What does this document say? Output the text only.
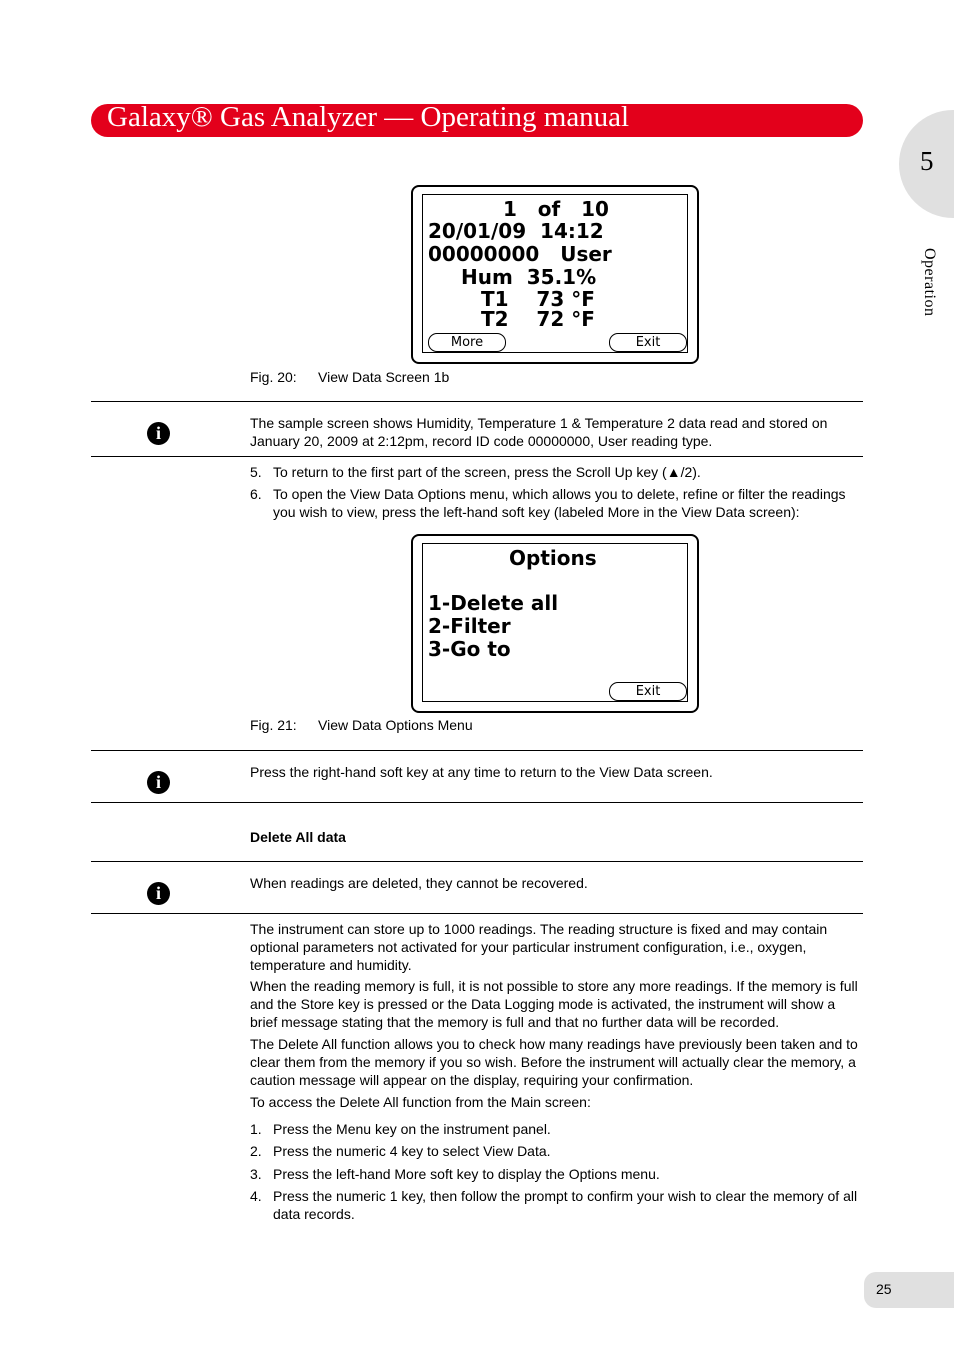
Galaxy® Gas Analyzer — Operating manual
5
Operation
1   of   10
20/01/09  14:12
00000000   User
Hum  35.1%
T1    73 °F
T2    72 °F
More	Exit
Fig. 20: View Data Screen 1b
i	The sample screen shows Humidity, Temperature 1 & Temperature 2 data read and stored on January 20, 2009 at 2:12pm, record ID code 00000000, User reading type.
5. To return to the first part of the screen, press the Scroll Up key (▲/2).
6. To open the View Data Options menu, which allows you to delete, refine or filter the readings you wish to view, press the left-hand soft key (labeled More in the View Data screen):
Options
1-Delete all
2-Filter
3-Go to
Exit
Fig. 21: View Data Options Menu
i	Press the right-hand soft key at any time to return to the View Data screen.
Delete All data
i	When readings are deleted, they cannot be recovered.
The instrument can store up to 1000 readings. The reading structure is fixed and may contain optional parameters not activated for your particular instrument configuration, i.e., oxygen, temperature and humidity.
When the reading memory is full, it is not possible to store any more readings. If the memory is full and the Store key is pressed or the Data Logging mode is activated, the instrument will show a brief message stating that the memory is full and that no further data will be recorded.
The Delete All function allows you to check how many readings have previously been taken and to clear them from the memory if you so wish. Before the instrument will actually clear the memory, a caution message will appear on the display, requiring your confirmation.
To access the Delete All function from the Main screen:
1. Press the Menu key on the instrument panel.
2. Press the numeric 4 key to select View Data.
3. Press the left-hand More soft key to display the Options menu.
4. Press the numeric 1 key, then follow the prompt to confirm your wish to clear the memory of all data records.
25
